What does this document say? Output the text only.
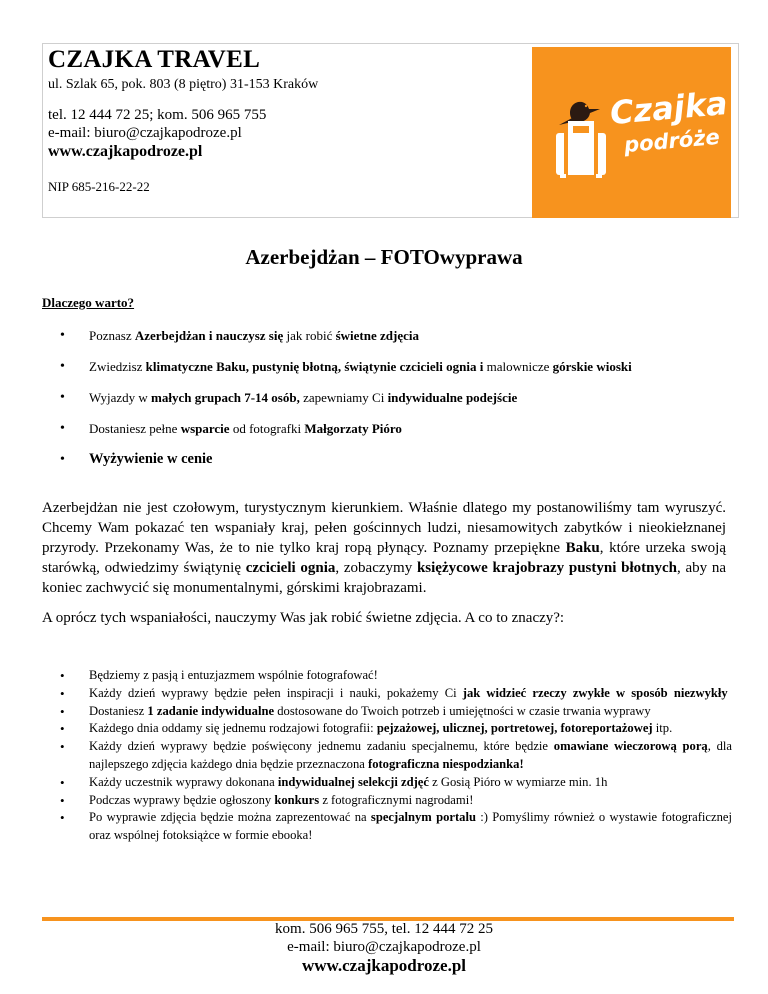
CZAJKA TRAVEL
ul. Szlak 65, pok. 803 (8 piętro) 31-153 Kraków
tel. 12 444 72 25; kom. 506 965 755
e-mail: biuro@czajkapodroze.pl
www.czajkapodroze.pl
NIP 685-216-22-22
Czajka
podróże
Azerbejdżan – FOTOwyprawa
Dlaczego warto?
• Poznasz Azerbejdżan i nauczysz się jak robić świetne zdjęcia
• Zwiedzisz klimatyczne Baku, pustynię błotną, świątynie czcicieli ognia i malownicze górskie wioski
• Wyjazdy w małych grupach 7-14 osób, zapewniamy Ci indywidualne podejście
• Dostaniesz pełne wsparcie od fotografki Małgorzaty Pióro
• Wyżywienie w cenie

Azerbejdżan nie jest czołowym, turystycznym kierunkiem. Właśnie dlatego my postanowiliśmy tam wyruszyć. Chcemy Wam pokazać ten wspaniały kraj, pełen gościnnych ludzi, niesamowitych zabytków i nieokiełznanej przyrody. Przekonamy Was, że to nie tylko kraj ropą płynący. Poznamy przepiękne Baku, które urzeka swoją starówką, odwiedzimy świątynię czcicieli ognia, zobaczymy księżycowe krajobrazy pustyni błotnych, aby na koniec zachwycić się monumentalnymi, górskimi krajobrazami.

A oprócz tych wspaniałości, nauczymy Was jak robić świetne zdjęcia. A co to znaczy?:

• Będziemy z pasją i entuzjazmem wspólnie fotografować!
• Każdy dzień wyprawy będzie pełen inspiracji i nauki, pokażemy Ci jak widzieć rzeczy zwykłe w sposób niezwykły
• Dostaniesz 1 zadanie indywidualne dostosowane do Twoich potrzeb i umiejętności w czasie trwania wyprawy
• Każdego dnia oddamy się jednemu rodzajowi fotografii: pejzażowej, ulicznej, portretowej, fotoreportażowej itp.
• Każdy dzień wyprawy będzie poświęcony jednemu zadaniu specjalnemu, które będzie omawiane wieczorową porą, dla najlepszego zdjęcia każdego dnia będzie przeznaczona fotograficzna niespodzianka!
• Każdy uczestnik wyprawy dokonana indywidualnej selekcji zdjęć z Gosią Pióro w wymiarze min. 1h
• Podczas wyprawy będzie ogłoszony konkurs z fotograficznymi nagrodami!
• Po wyprawie zdjęcia będzie można zaprezentować na specjalnym portalu :) Pomyślimy również o wystawie fotograficznej oraz wspólnej fotoksiążce w formie ebooka!
kom. 506 965 755, tel. 12 444 72 25
e-mail: biuro@czajkapodroze.pl
www.czajkapodroze.pl
